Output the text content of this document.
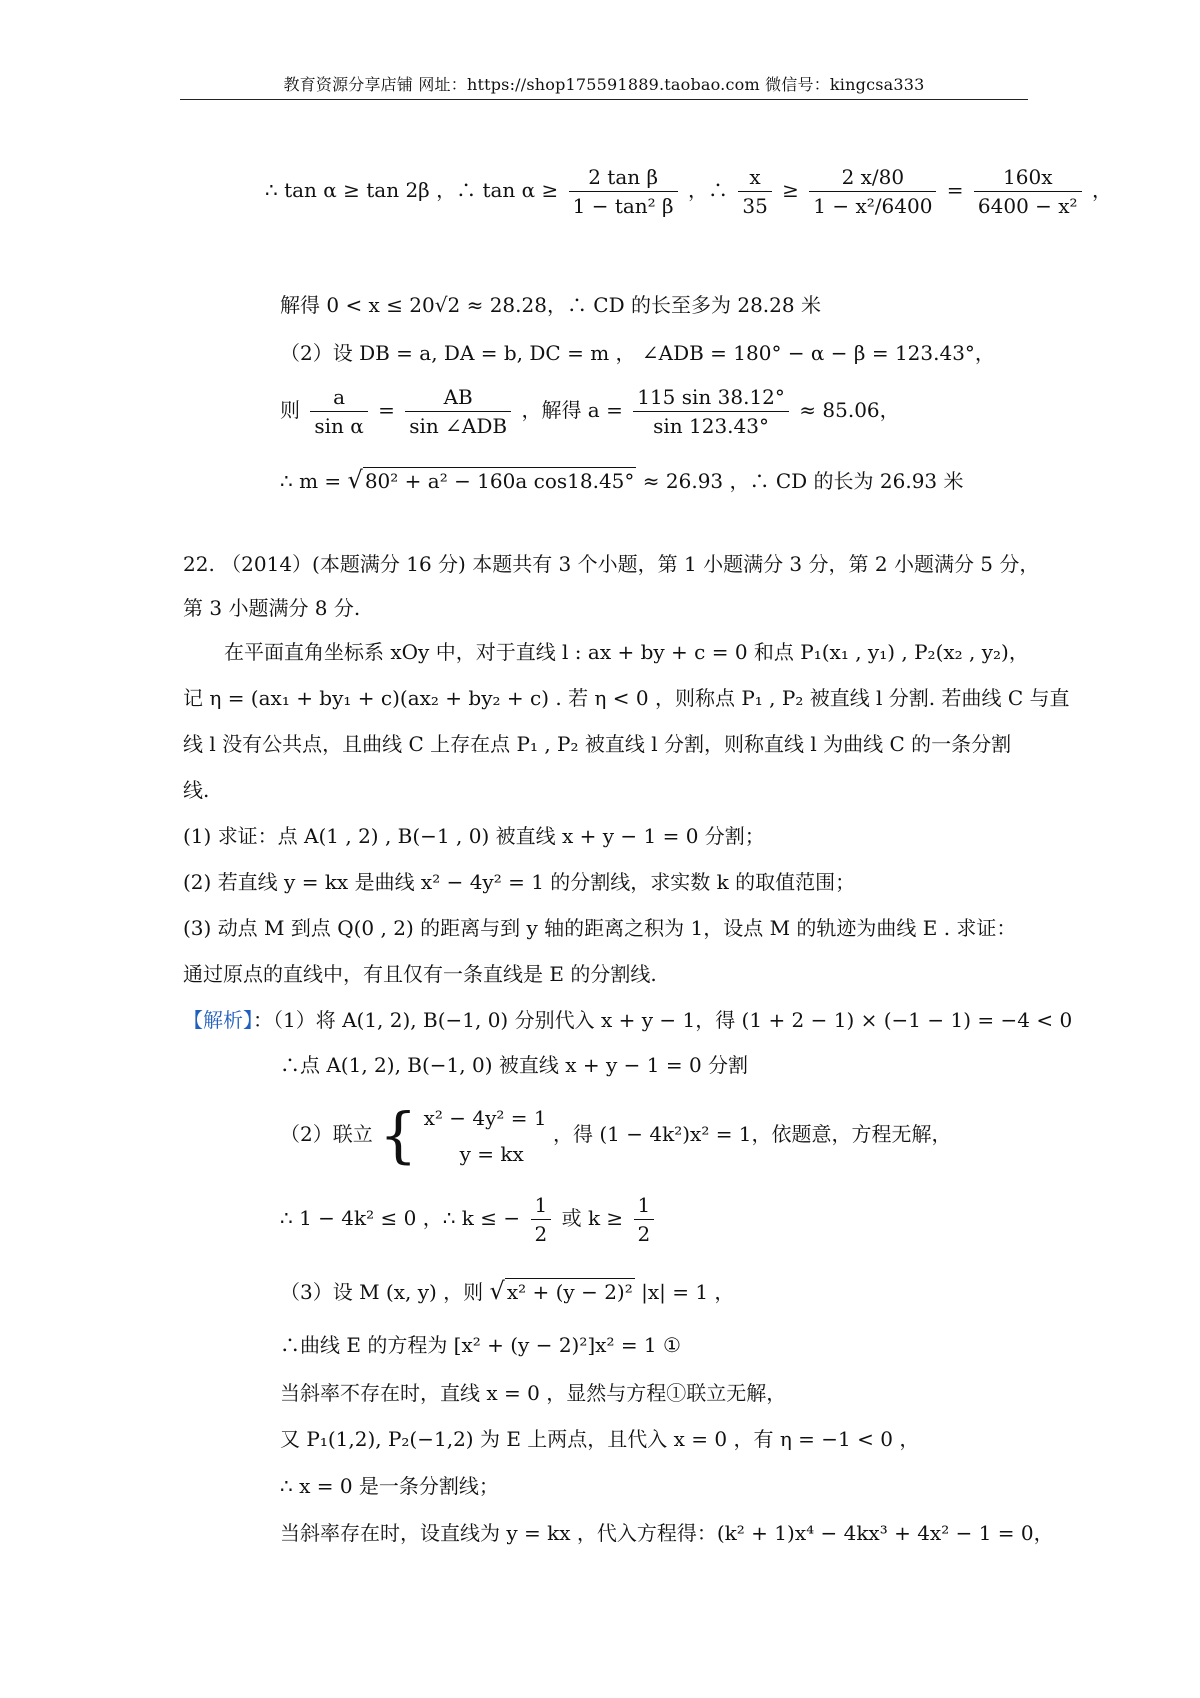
教育资源分享店铺 网址：https://shop175591889.taobao.com 微信号：kingcsa333
∴ tan α ≥ tan 2β ，∴ $\tan \alpha \ge \frac{\text{2 tan β}}{\text{1 − tan² β}}$ ，∴ $\frac{x}{35} \ge \frac{2 x/80}{\text{1 − x²/6400}} = \frac{160x}{\text{6400 − x²}}$ ，
解得 0 < x ≤ 20√2 ≈ 28.28，∴ CD 的长至多为 28.28 米
（2）设 DB = a, DA = b, DC = m ， ∠ADB = 180° − α − β = 123.43°，
则 $\frac{a}{\text{sin α}} = \frac{AB}{\text{sin ∠ADB}}$ ，解得 $a = \frac{115 \sin 38.12^\circ}{\sin 123.43^\circ} \approx 85.06$，
∴ m = √ 80² + a² − 160a cos18.45° ≈ 26.93 ，∴ CD 的长为 26.93 米
22. （2014）(本题满分 16 分) 本题共有 3 个小题，第 1 小题满分 3 分，第 2 小题满分 5 分，
第 3 小题满分 8 分.
在平面直角坐标系 xOy 中，对于直线 l : ax + by + c = 0 和点 P₁(x₁ , y₁) , P₂(x₂ , y₂)，
记 η = (ax₁ + by₁ + c)(ax₂ + by₂ + c) . 若 η < 0 ，则称点 P₁ , P₂ 被直线 l 分割. 若曲线 C 与直
线 l 没有公共点，且曲线 C 上存在点 P₁ , P₂ 被直线 l 分割，则称直线 l 为曲线 C 的一条分割
线.
(1) 求证：点 A(1 , 2) , B(−1 , 0) 被直线 x + y − 1 = 0 分割；
(2) 若直线 y = kx 是曲线 x² − 4y² = 1 的分割线，求实数 k 的取值范围；
(3) 动点 M 到点 Q(0 , 2) 的距离与到 y 轴的距离之积为 1，设点 M 的轨迹为曲线 E . 求证：
通过原点的直线中，有且仅有一条直线是 E 的分割线.
【解析】：（1）将 A(1, 2), B(−1, 0) 分别代入 x + y − 1，得 (1 + 2 − 1) × (−1 − 1) = −4 < 0
∴点 A(1, 2), B(−1, 0) 被直线 x + y − 1 = 0 分割
（2）联立 { x² − 4y² = 1
y = kx
，得 (1 − 4k²)x² = 1，依题意，方程无解，
∴ 1 − 4k² ≤ 0 ，∴ k ≤ − $\frac{1}{2}$ 或 $k \ge \frac{1}{2}$
（3）设 M (x, y) ，则 √ x² + (y − 2)² |x| = 1 ，
∴曲线 E 的方程为 [x² + (y − 2)²]x² = 1 ①
当斜率不存在时，直线 x = 0 ，显然与方程①联立无解，
又 P₁(1,2), P₂(−1,2) 为 E 上两点，且代入 x = 0 ，有 η = −1 < 0 ，
∴ x = 0 是一条分割线；
当斜率存在时，设直线为 y = kx ，代入方程得：(k² + 1)x⁴ − 4kx³ + 4x² − 1 = 0，
